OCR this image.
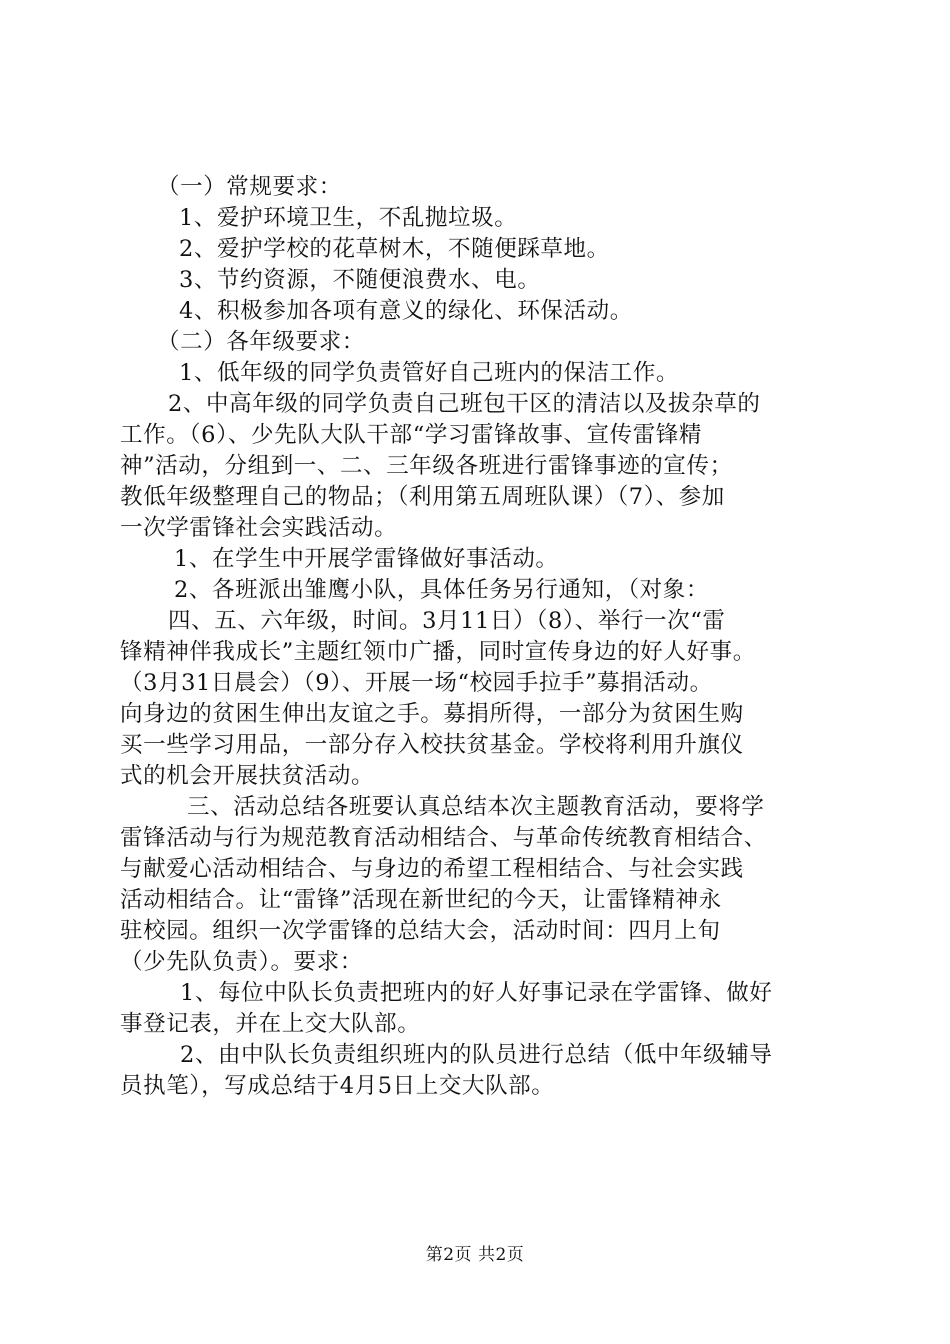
（一）常规要求：
1、爱护环境卫生，不乱抛垃圾。
2、爱护学校的花草树木，不随便踩草地。
3、节约资源，不随便浪费水、电。
4、积极参加各项有意义的绿化、环保活动。
（二）各年级要求：
1、低年级的同学负责管好自己班内的保洁工作。
2、中高年级的同学负责自己班包干区的清洁以及拔杂草的
工作。（6）、少先队大队干部“学习雷锋故事、宣传雷锋精
神”活动，分组到一、二、三年级各班进行雷锋事迹的宣传；
教低年级整理自己的物品；（利用第五周班队课）（7）、参加
一次学雷锋社会实践活动。
1、在学生中开展学雷锋做好事活动。
2、各班派出雏鹰小队，具体任务另行通知，（对象：
四、五、六年级，时间。3月11日）（8）、举行一次“雷
锋精神伴我成长”主题红领巾广播，同时宣传身边的好人好事。
（3月31日晨会）（9）、开展一场“校园手拉手”募捐活动。
向身边的贫困生伸出友谊之手。募捐所得，一部分为贫困生购
买一些学习用品，一部分存入校扶贫基金。学校将利用升旗仪
式的机会开展扶贫活动。
三、活动总结各班要认真总结本次主题教育活动，要将学
雷锋活动与行为规范教育活动相结合、与革命传统教育相结合、
与献爱心活动相结合、与身边的希望工程相结合、与社会实践
活动相结合。让“雷锋”活现在新世纪的今天，让雷锋精神永
驻校园。组织一次学雷锋的总结大会，活动时间：四月上旬
（少先队负责）。要求：
1、每位中队长负责把班内的好人好事记录在学雷锋、做好
事登记表，并在上交大队部。
2、由中队长负责组织班内的队员进行总结（低中年级辅导
员执笔），写成总结于4月5日上交大队部。
第2页 共2页
